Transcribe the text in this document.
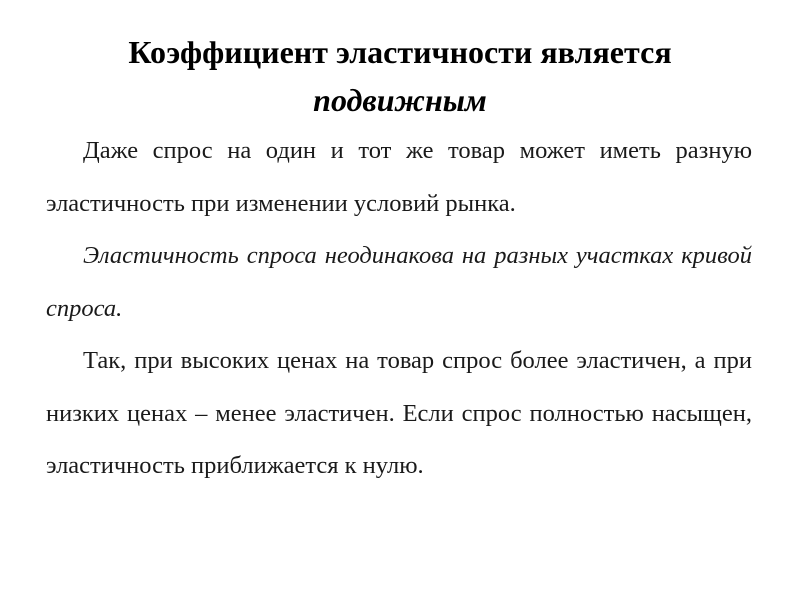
Коэффициент эластичности является
подвижным

Даже спрос на один и тот же товар может иметь разную эластичность при изменении условий рынка.

Эластичность спроса неодинакова на разных участках кривой спроса.

Так, при высоких ценах на товар спрос более эластичен, а при низких ценах – менее эластичен. Если спрос полностью насыщен, эластичность приближается к нулю.
